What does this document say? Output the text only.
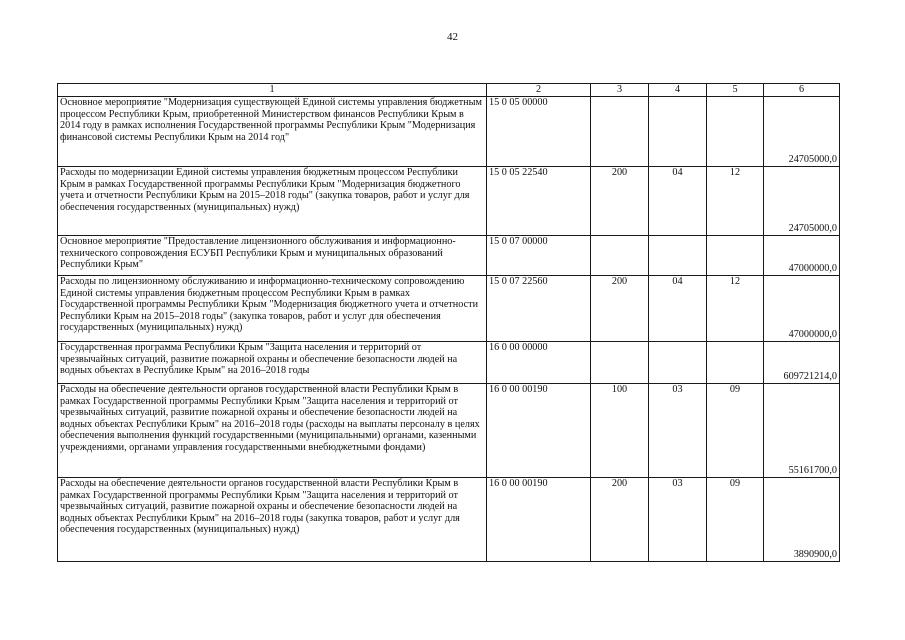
42
1	2	3	4	5	6
Основное мероприятие "Модернизация существующей Единой системы управления бюджетным процессом Республики Крым, приобретенной Министерством финансов Республики Крым в 2014 году в рамках исполнения Государственной программы Республики Крым "Модернизация финансовой системы Республики Крым на 2014 год"	15 0 05 00000				24705000,0
Расходы по модернизации Единой системы управления бюджетным процессом Республики Крым в рамках Государственной программы Республики Крым "Модернизация бюджетного учета и отчетности Республики Крым на 2015–2018 годы" (закупка товаров, работ и услуг для обеспечения государственных (муниципальных) нужд)	15 0 05 22540	200	04	12	24705000,0
Основное мероприятие "Предоставление лицензионного обслуживания и информационно-технического сопровождения ЕСУБП Республики Крым и муниципальных образований Республики Крым"	15 0 07 00000				47000000,0
Расходы по лицензионному обслуживанию и информационно-техническому сопровождению Единой системы управления бюджетным процессом Республики Крым в рамках Государственной программы Республики Крым "Модернизация бюджетного учета и отчетности Республики Крым на 2015–2018 годы" (закупка товаров, работ и услуг для обеспечения государственных (муниципальных) нужд)	15 0 07 22560	200	04	12	47000000,0
Государственная программа Республики Крым "Защита населения и территорий от чрезвычайных ситуаций, развитие пожарной охраны и обеспечение безопасности людей на водных объектах в Республике Крым" на 2016–2018 годы	16 0 00 00000				609721214,0
Расходы на обеспечение деятельности органов государственной власти Республики Крым в рамках Государственной программы Республики Крым "Защита населения и территорий от чрезвычайных ситуаций, развитие пожарной охраны и обеспечение безопасности людей на водных объектах Республики Крым" на 2016–2018 годы (расходы на выплаты персоналу в целях обеспечения выполнения функций государственными (муниципальными) органами, казенными учреждениями, органами управления государственными внебюджетными фондами)	16 0 00 00190	100	03	09	55161700,0
Расходы на обеспечение деятельности органов государственной власти Республики Крым в рамках Государственной программы Республики Крым "Защита населения и территорий от чрезвычайных ситуаций, развитие пожарной охраны и обеспечение безопасности людей на водных объектах Республики Крым" на 2016–2018 годы (закупка товаров, работ и услуг для обеспечения государственных (муниципальных) нужд)	16 0 00 00190	200	03	09	3890900,0
